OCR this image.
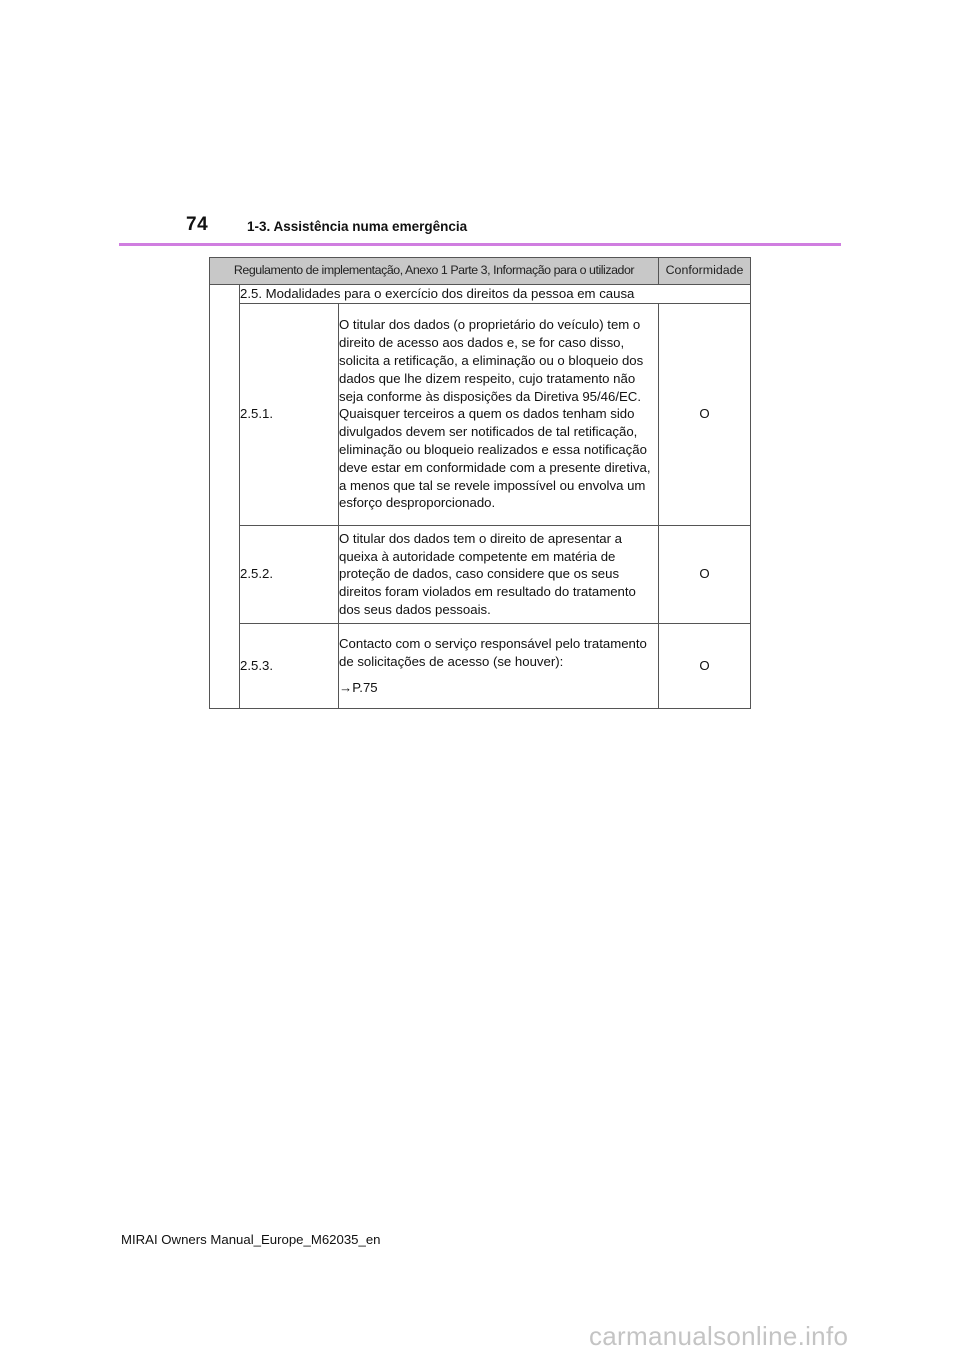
74	1-3. Assistência numa emergência
Regulamento de implementação, Anexo 1 Parte 3, Informação para o utilizador			Conformidade
	2.5. Modalidades para o exercício dos direitos da pessoa em causa		
	2.5.1.	O titular dos dados (o proprietário do veículo) tem o direito de acesso aos dados e, se for caso disso, solicita a retificação, a eliminação ou o bloqueio dos dados que lhe dizem respeito, cujo tratamento não seja conforme às disposições da Diretiva 95/46/EC. Quaisquer terceiros a quem os dados tenham sido divulgados devem ser notificados de tal retificação, eliminação ou bloqueio realizados e essa notificação deve estar em conformidade com a presente diretiva, a menos que tal se revele impossível ou envolva um esforço desproporcionado.	O
	2.5.2.	O titular dos dados tem o direito de apresentar a queixa à autoridade competente em matéria de proteção de dados, caso considere que os seus direitos foram violados em resultado do tratamento dos seus dados pessoais.	O
	2.5.3.	Contacto com o serviço responsável pelo tratamento de solicitações de acesso (se houver):
→P.75	O
MIRAI Owners Manual_Europe_M62035_en
carmanualsonline.info
